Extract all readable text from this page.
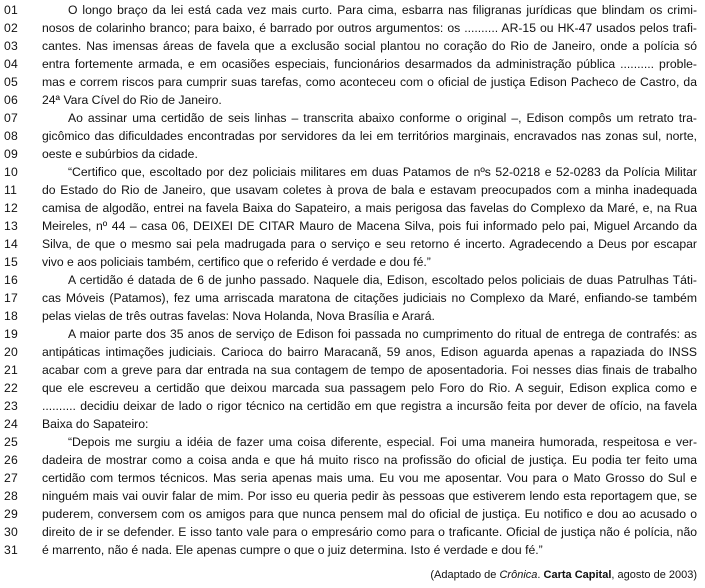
01	O longo braço da lei está cada vez mais curto. Para cima, esbarra nas filigranas jurídicas que blindam os crimi-
02	nosos de colarinho branco; para baixo, é barrado por outros argumentos: os .......... AR-15 ou HK-47 usados pelos trafi-
03	cantes. Nas imensas áreas de favela que a exclusão social plantou no coração do Rio de Janeiro, onde a polícia só
04	entra fortemente armada, e em ocasiões especiais, funcionários desarmados da administração pública .......... proble-
05	mas e correm riscos para cumprir suas tarefas, como aconteceu com o oficial de justiça Edison Pacheco de Castro, da
06	24ª Vara Cível do Rio de Janeiro.
07	Ao assinar uma certidão de seis linhas – transcrita abaixo conforme o original –, Edison compôs um retrato tra-
08	gicômico das dificuldades encontradas por servidores da lei em territórios marginais, encravados nas zonas sul, norte,
09	oeste e subúrbios da cidade.
10	“Certifico que, escoltado por dez policiais militares em duas Patamos de nºs 52-0218 e 52-0283 da Polícia Militar
11	do Estado do Rio de Janeiro, que usavam coletes à prova de bala e estavam preocupados com a minha inadequada
12	camisa de algodão, entrei na favela Baixa do Sapateiro, a mais perigosa das favelas do Complexo da Maré, e, na Rua
13	Meireles, nº 44 – casa 06, DEIXEI DE CITAR Mauro de Macena Silva, pois fui informado pelo pai, Miguel Arcando da
14	Silva, de que o mesmo sai pela madrugada para o serviço e seu retorno é incerto. Agradecendo a Deus por escapar
15	vivo e aos policiais também, certifico que o referido é verdade e dou fé.”
16	A certidão é datada de 6 de junho passado. Naquele dia, Edison, escoltado pelos policiais de duas Patrulhas Táti-
17	cas Móveis (Patamos), fez uma arriscada maratona de citações judiciais no Complexo da Maré, enfiando-se também
18	pelas vielas de três outras favelas: Nova Holanda, Nova Brasília e Arará.
19	A maior parte dos 35 anos de serviço de Edison foi passada no cumprimento do ritual de entrega de contrafés: as
20	antipáticas intimações judiciais. Carioca do bairro Maracanã, 59 anos, Edison aguarda apenas a rapaziada do INSS
21	acabar com a greve para dar entrada na sua contagem de tempo de aposentadoria. Foi nesses dias finais de trabalho
22	que ele escreveu a certidão que deixou marcada sua passagem pelo Foro do Rio. A seguir, Edison explica como e
23	.......... decidiu deixar de lado o rigor técnico na certidão em que registra a incursão feita por dever de ofício, na favela
24	Baixa do Sapateiro:
25	“Depois me surgiu a idéia de fazer uma coisa diferente, especial. Foi uma maneira humorada, respeitosa e ver-
26	dadeira de mostrar como a coisa anda e que há muito risco na profissão do oficial de justiça. Eu podia ter feito uma
27	certidão com termos técnicos. Mas seria apenas mais uma. Eu vou me aposentar. Vou para o Mato Grosso do Sul e
28	ninguém mais vai ouvir falar de mim. Por isso eu queria pedir às pessoas que estiverem lendo esta reportagem que, se
29	puderem, conversem com os amigos para que nunca pensem mal do oficial de justiça. Eu notifico e dou ao acusado o
30	direito de ir se defender. E isso tanto vale para o empresário como para o traficante. Oficial de justiça não é polícia, não
31	é marrento, não é nada. Ele apenas cumpre o que o juiz determina. Isto é verdade e dou fé.”
(Adaptado de Crônica. Carta Capital, agosto de 2003)
